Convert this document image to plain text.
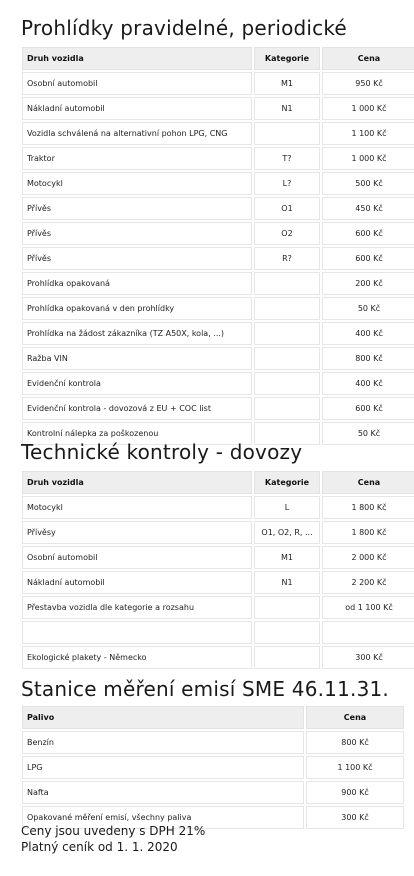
Prohlídky pravidelné, periodické
Druh vozidla	Kategorie	Cena
Osobní automobil	M1	950 Kč
Nákladní automobil	N1	1 000 Kč
Vozidla schválená na alternativní pohon LPG, CNG		1 100 Kč
Traktor	T?	1 000 Kč
Motocykl	L?	500 Kč
Přívěs	O1	450 Kč
Přívěs	O2	600 Kč
Přívěs	R?	600 Kč
Prohlídka opakovaná		200 Kč
Prohlídka opakovaná v den prohlídky		50 Kč
Prohlídka na žádost zákazníka (TZ A50X, kola, ...)		400 Kč
Ražba VIN		800 Kč
Evidenční kontrola		400 Kč
Evidenční kontrola - dovozová z EU + COC list		600 Kč
Kontrolní nálepka za poškozenou		50 Kč
Technické kontroly - dovozy
Druh vozidla	Kategorie	Cena
Motocykl	L	1 800 Kč
Přívěsy	O1, O2, R, ...	1 800 Kč
Osobní automobil	M1	2 000 Kč
Nákladní automobil	N1	2 200 Kč
Přestavba vozidla dle kategorie a rozsahu		od 1 100 Kč

Ekologické plakety - Německo		300 Kč
Stanice měření emisí SME 46.11.31.
Palivo	Cena
Benzín	800 Kč
LPG	1 100 Kč
Nafta	900 Kč
Opakované měření emisí, všechny paliva	300 Kč
Ceny jsou uvedeny s DPH 21%
Platný ceník od 1. 1. 2020
